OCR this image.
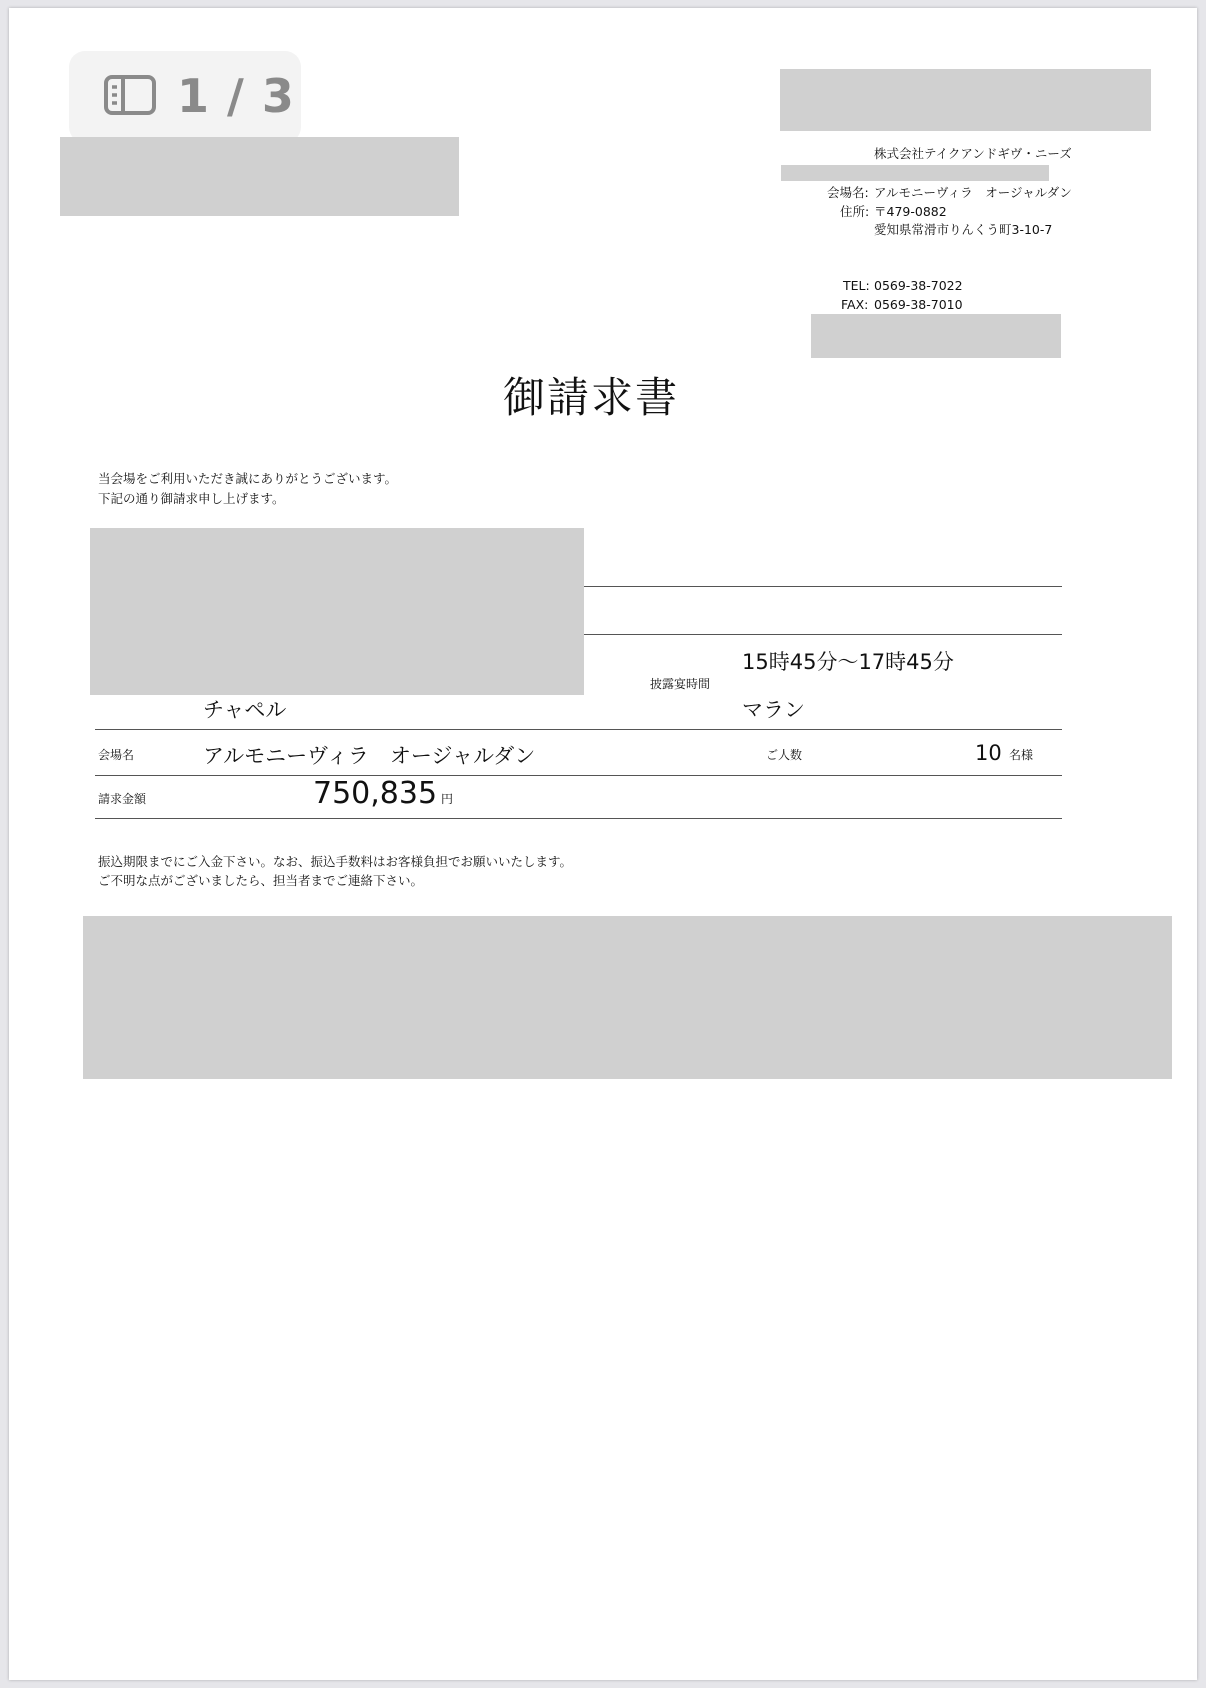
1 / 3
株式会社テイクアンドギヴ・ニーズ
会場名: アルモニーヴィラ　オージャルダン
住所: 〒479-0882
愛知県常滑市りんくう町3-10-7
TEL: 0569-38-7022
FAX: 0569-38-7010
御請求書
当会場をご利用いただき誠にありがとうございます。
下記の通り御請求申し上げます。
披露宴時間
15時45分～17時45分
チャペル	マラン
会場名	アルモニーヴィラ　オージャルダン	ご人数	10 名様
請求金額	750,835 円
振込期限までにご入金下さい。なお、振込手数料はお客様負担でお願いいたします。
ご不明な点がございましたら、担当者までご連絡下さい。
